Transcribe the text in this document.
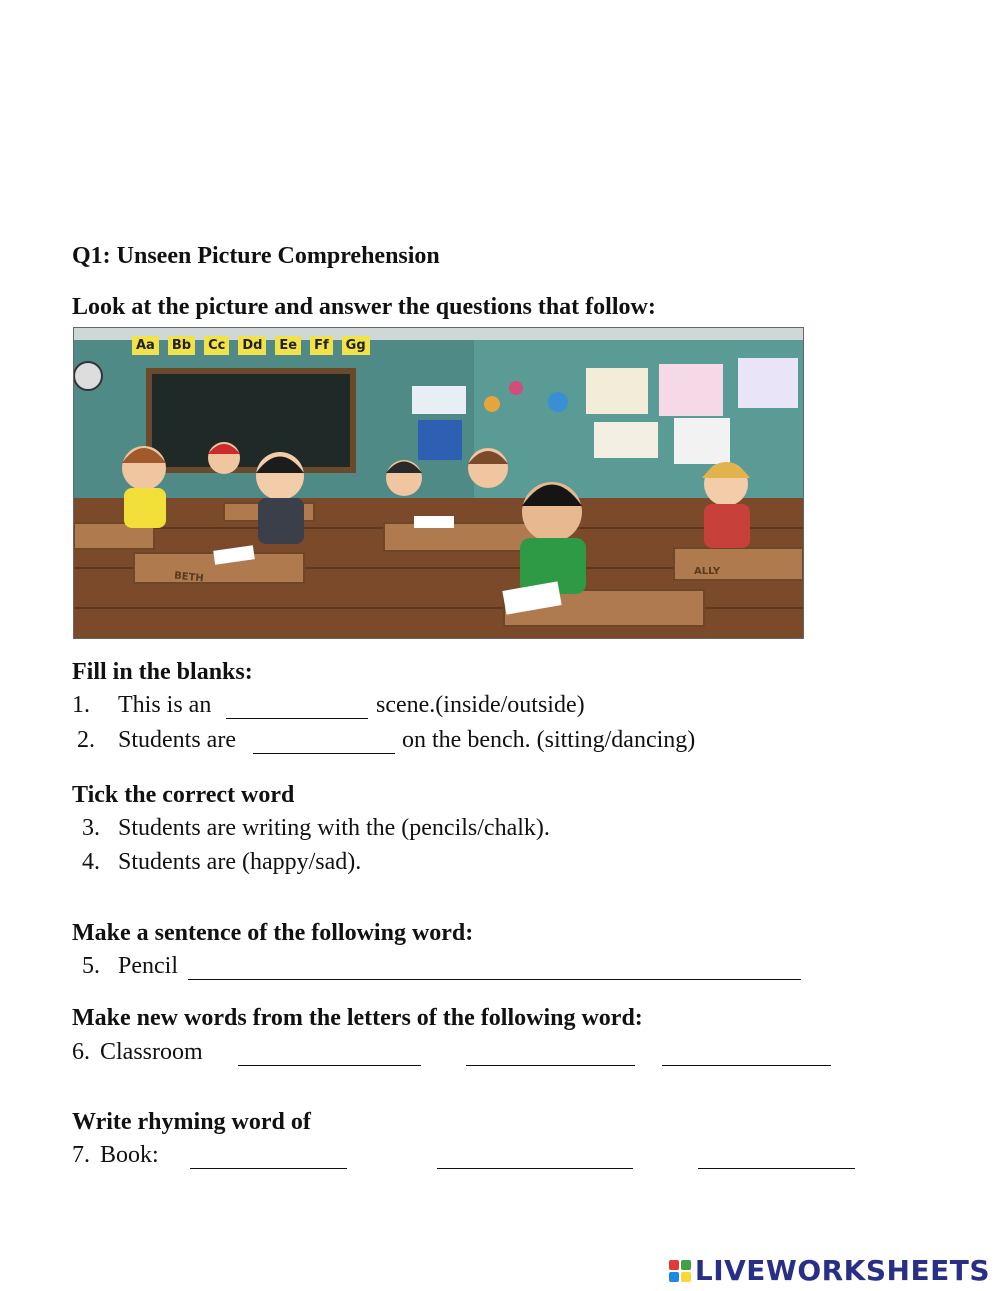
Q1: Unseen Picture Comprehension
Look at the picture and answer the questions that follow:
Aa	Bb	Cc	Dd	Ee	Ff	Gg
BETH	ALLY
Fill in the blanks:
1. This is an	scene.(inside/outside)
2. Students are	on the bench. (sitting/dancing)
Tick the correct word
3. Students are writing with the (pencils/chalk).
4. Students are (happy/sad).
Make a sentence of the following word:
5. Pencil
Make new words from the letters of the following word:
6. Classroom
Write rhyming word of
7. Book:
LIVEWORKSHEETS
